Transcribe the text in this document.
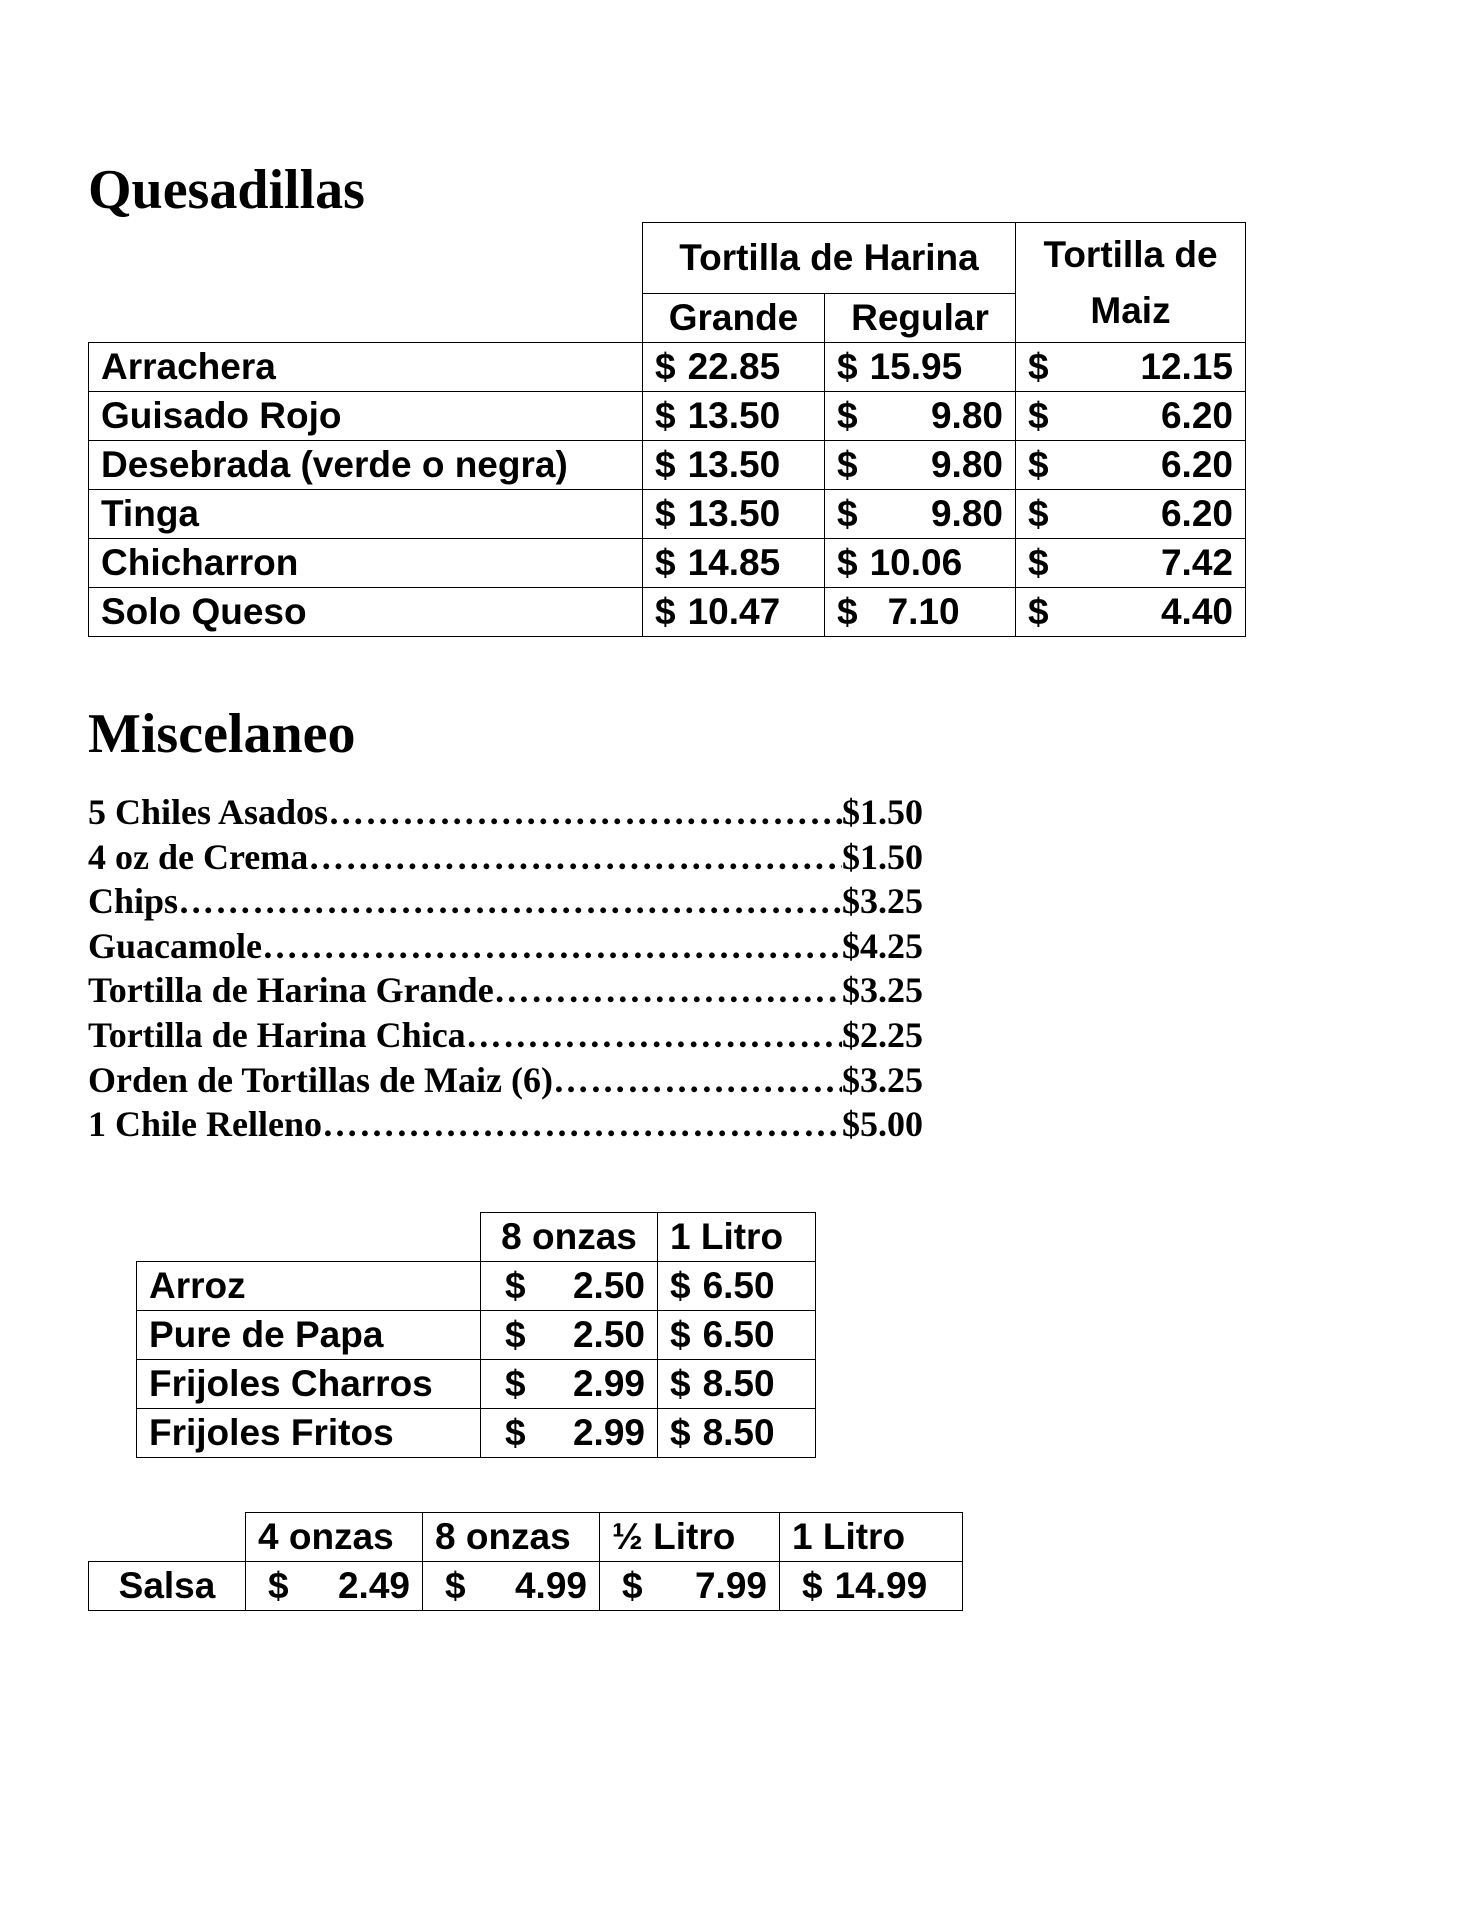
Quesadillas
	Tortilla de Harina		Tortilla de Maiz
	Grande	Regular	
Arrachera	$ 22.85	$ 15.95	$ 12.15

Guisado Rojo	$ 13.50	$ 9.80	$ 6.20

Desebrada (verde o negra)	$ 13.50	$ 9.80	$ 6.20

Tinga	$ 13.50	$ 9.80	$ 6.20

Chicharron	$ 14.85	$ 10.06	$ 7.42

Solo Queso	$ 10.47	$ 7.10	$ 4.40
Miscelaneo
5 Chiles Asados …………………………………………………………………………………………………………	$1.50
4 oz de Crema …………………………………………………………………………………………………………	$1.50
Chips …………………………………………………………………………………………………………	$3.25
Guacamole …………………………………………………………………………………………………………	$4.25
Tortilla de Harina Grande …………………………………………………………………………………………………………	$3.25
Tortilla de Harina Chica …………………………………………………………………………………………………………	$2.25
Orden de Tortillas de Maiz (6) …………………………………………………………………………………………………………	$3.25
1 Chile Relleno …………………………………………………………………………………………………………	$5.00
	8 onzas	1 Litro
Arroz	$ 2.50	$ 6.50

Pure de Papa	$ 2.50	$ 6.50

Frijoles Charros	$ 2.99	$ 8.50

Frijoles Fritos	$ 2.99	$ 8.50
	4 onzas	8 onzas	½ Litro	1 Litro
Salsa	$ 2.49	$ 4.99	$ 7.99	$ 14.99
